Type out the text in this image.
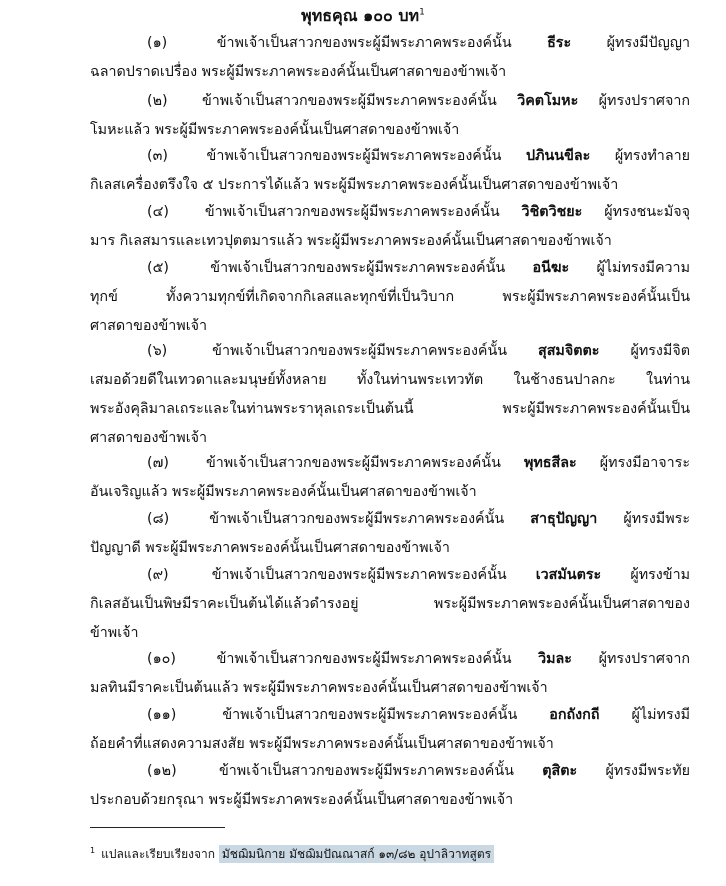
พุทธคุณ ๑๐๐ บท$^1$
(๑)	ข้าพเจ้าเป็นสาวกของพระผู้มีพระภาคพระองค์นั้น ธีระ ผู้ทรงมีปัญญา
ฉลาดปราดเปรื่อง พระผู้มีพระภาคพระองค์นั้นเป็นศาสดาของข้าพเจ้า
(๒) ข้าพเจ้าเป็นสาวกของพระผู้มีพระภาคพระองค์นั้น วิคตโมหะ ผู้ทรงปราศจาก
โมหะแล้ว พระผู้มีพระภาคพระองค์นั้นเป็นศาสดาของข้าพเจ้า
(๓)	ข้าพเจ้าเป็นสาวกของพระผู้มีพระภาคพระองค์นั้น ปภินนขีละ ผู้ทรงทำลาย
กิเลสเครื่องตรึงใจ ๕ ประการได้แล้ว พระผู้มีพระภาคพระองค์นั้นเป็นศาสดาของข้าพเจ้า
(๔)	ข้าพเจ้าเป็นสาวกของพระผู้มีพระภาคพระองค์นั้น วิชิตวิชยะ ผู้ทรงชนะมัจจุ
มาร กิเลสมารและเทวปุตตมารแล้ว พระผู้มีพระภาคพระองค์นั้นเป็นศาสดาของข้าพเจ้า
(๕)	ข้าพเจ้าเป็นสาวกของพระผู้มีพระภาคพระองค์นั้น อนีฆะ ผู้ไม่ทรงมีความ
ทุกข์ ทั้งความทุกข์ที่เกิดจากกิเลสและทุกข์ที่เป็นวิบาก พระผู้มีพระภาคพระองค์นั้นเป็น
ศาสดาของข้าพเจ้า
(๖)	ข้าพเจ้าเป็นสาวกของพระผู้มีพระภาคพระองค์นั้น สุสมจิตตะ ผู้ทรงมีจิต
เสมอด้วยดีในเทวดาและมนุษย์ทั้งหลาย ทั้งในท่านพระเทวทัต ในช้างธนปาลกะ ในท่าน
พระอังคุลิมาลเถระและในท่านพระราหุลเถระเป็นต้นนี้ พระผู้มีพระภาคพระองค์นั้นเป็น
ศาสดาของข้าพเจ้า
(๗)	ข้าพเจ้าเป็นสาวกของพระผู้มีพระภาคพระองค์นั้น พุทธสีละ ผู้ทรงมีอาจาระ
อันเจริญแล้ว พระผู้มีพระภาคพระองค์นั้นเป็นศาสดาของข้าพเจ้า
(๘)	ข้าพเจ้าเป็นสาวกของพระผู้มีพระภาคพระองค์นั้น สาธุปัญญา ผู้ทรงมีพระ
ปัญญาดี พระผู้มีพระภาคพระองค์นั้นเป็นศาสดาของข้าพเจ้า
(๙)	ข้าพเจ้าเป็นสาวกของพระผู้มีพระภาคพระองค์นั้น เวสมันตระ ผู้ทรงข้าม
กิเลสอันเป็นพิษมีราคะเป็นต้นได้แล้วดำรงอยู่ พระผู้มีพระภาคพระองค์นั้นเป็นศาสดาของ
ข้าพเจ้า
(๑๐)	ข้าพเจ้าเป็นสาวกของพระผู้มีพระภาคพระองค์นั้น วิมละ ผู้ทรงปราศจาก
มลทินมีราคะเป็นต้นแล้ว พระผู้มีพระภาคพระองค์นั้นเป็นศาสดาของข้าพเจ้า
(๑๑)	ข้าพเจ้าเป็นสาวกของพระผู้มีพระภาคพระองค์นั้น อกถังกถี ผู้ไม่ทรงมี
ถ้อยคำที่แสดงความสงสัย พระผู้มีพระภาคพระองค์นั้นเป็นศาสดาของข้าพเจ้า
(๑๒)	ข้าพเจ้าเป็นสาวกของพระผู้มีพระภาคพระองค์นั้น ตุสิตะ ผู้ทรงมีพระทัย
ประกอบด้วยกรุณา พระผู้มีพระภาคพระองค์นั้นเป็นศาสดาของข้าพเจ้า
$^1$ แปลและเรียบเรียงจาก มัชฌิมนิกาย มัชฌิมปัณณาสก์ ๑๓/๘๒ อุปาลิวาทสูตร
